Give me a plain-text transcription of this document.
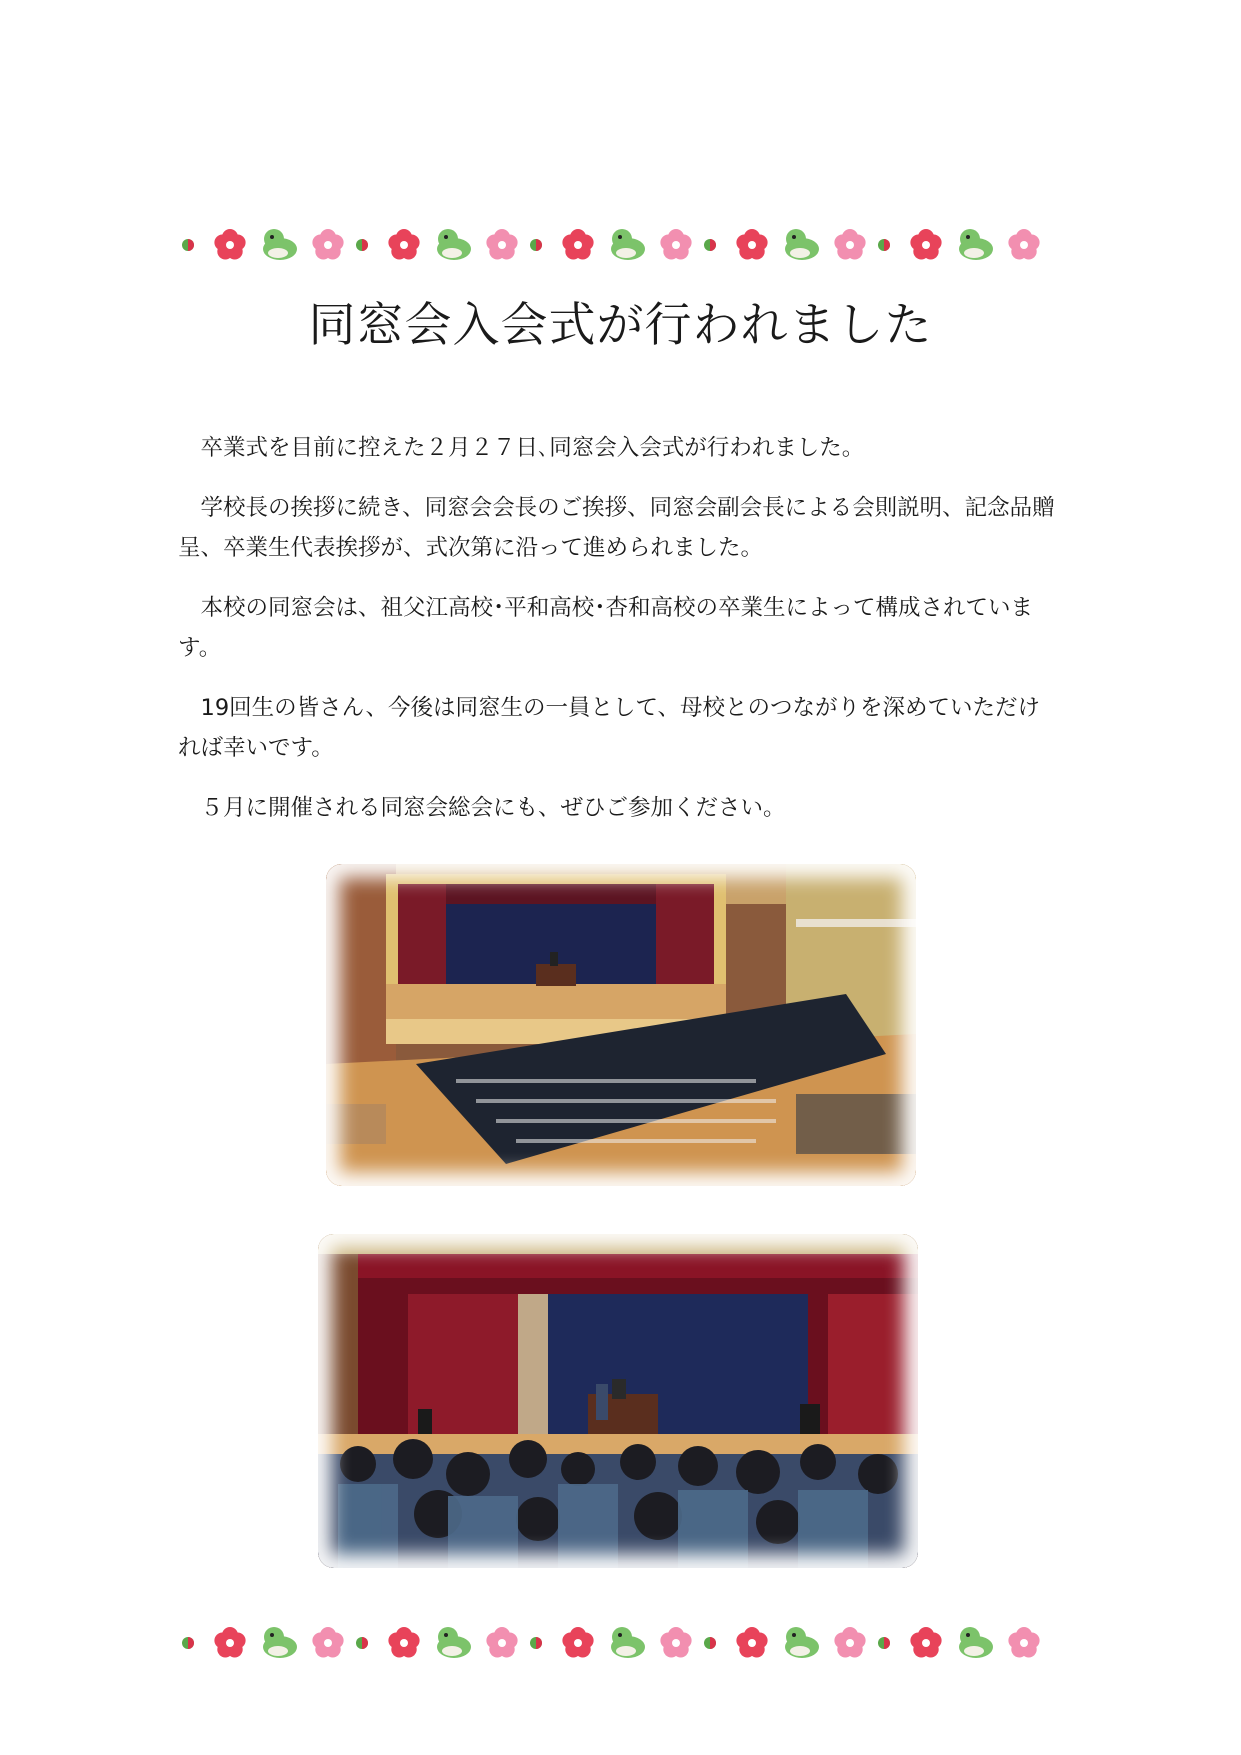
同窓会入会式が行われました

卒業式を目前に控えた２月２７日､同窓会入会式が行われました。

学校長の挨拶に続き、同窓会会長のご挨拶、同窓会副会長による会則説明、記念品贈呈、卒業生代表挨拶が、式次第に沿って進められました。

本校の同窓会は、祖父江高校･平和高校･杏和高校の卒業生によって構成されています。

19回生の皆さん、今後は同窓生の一員として、母校とのつながりを深めていただければ幸いです。

５月に開催される同窓会総会にも、ぜひご参加ください。
